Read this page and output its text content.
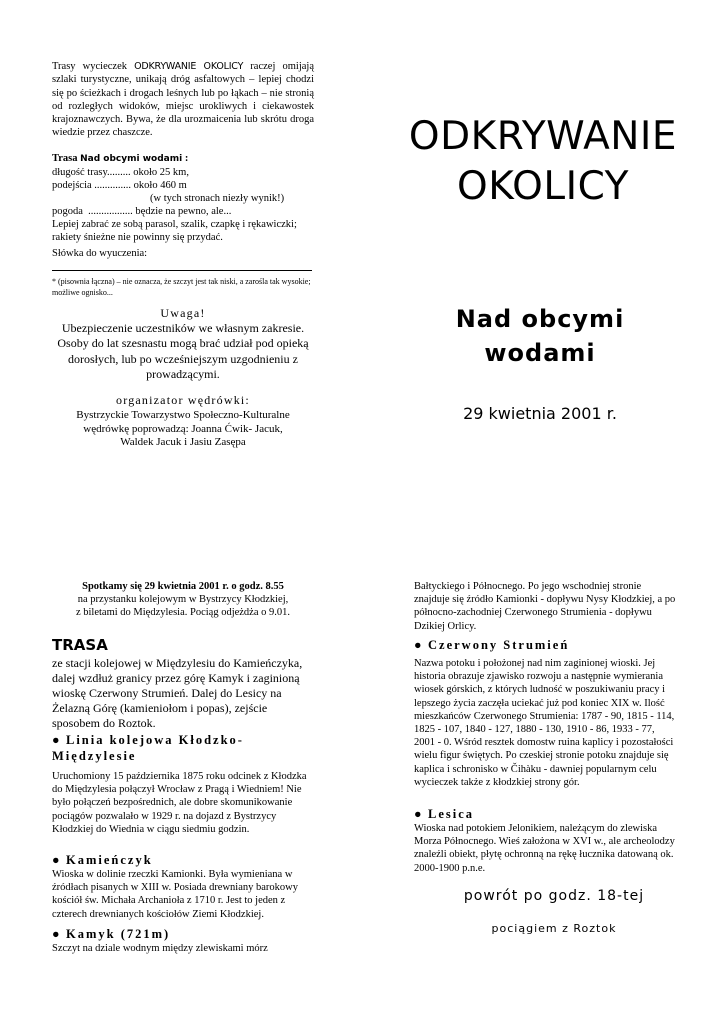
Trasy wycieczek ODKRYWANIE OKOLICY raczej omijają szlaki turystyczne, unikają dróg asfaltowych – lepiej chodzi się po ścieżkach i drogach leśnych lub po łąkach – nie stronią od rozległych widoków, miejsc urokliwych i ciekawostek krajoznawczych. Bywa, że dla urozmaicenia lub skrótu droga wiedzie przez chaszcze.

Trasa Nad obcymi wodami :

długość trasy......... około 25 km,

podejścia .............. około 460 m

(w tych stronach niezły wynik!)

pogoda  ................. będzie na pewno, ale...

Lepiej zabrać ze sobą parasol, szalik, czapkę i rękawiczki; rakiety śnieżne nie powinny się przydać.

Słówka do wyuczenia:

* (pisownia łączna) – nie oznacza, że szczyt jest tak niski, a zarośla tak wysokie; możliwe ognisko...

Uwaga!

Ubezpieczenie uczestników we własnym zakresie. Osoby do lat szesnastu mogą brać udział pod opieką dorosłych, lub po wcześniejszym uzgodnieniu z prowadzącymi.

organizator wędrówki:

Bystrzyckie Towarzystwo Społeczno-Kulturalne

wędrówkę poprowadzą: Joanna Ćwik- Jacuk,

Waldek Jacuk i Jasiu Zasępa

ODKRYWANIE
OKOLICY
Nad obcymi
wodami
29 kwietnia 2001 r.

Spotkamy się 29 kwietnia 2001 r. o godz. 8.55

na przystanku kolejowym w Bystrzycy Kłodzkiej,

z biletami do Międzylesia. Pociąg odjeżdża o 9.01.

TRASA
ze stacji kolejowej w Międzylesiu do Kamieńczyka, dalej wzdłuż granicy przez górę Kamyk i zaginioną wioskę Czerwony Strumień. Dalej do Lesicy na Żelazną Górę (kamieniołom i popas), zejście sposobem do Roztok.
● Linia kolejowa Kłodzko-Międzylesie

Uruchomiony 15 października 1875 roku odcinek z Kłodzka do Międzylesia połączył Wrocław z Pragą i Wiedniem! Nie było połączeń bezpośrednich, ale dobre skomunikowanie pociągów pozwalało w 1929 r. na dojazd z Bystrzycy Kłodzkiej do Wiednia w ciągu siedmiu godzin.

● Kamieńczyk

Wioska w dolinie rzeczki Kamionki. Była wymieniana w źródłach pisanych w XIII w. Posiada drewniany barokowy kościół św. Michała Archanioła z 1710 r. Jest to jeden z czterech drewnianych kościołów Ziemi Kłodzkiej.

● Kamyk (721m)

Szczyt na dziale wodnym między zlewiskami mórz

Bałtyckiego i Północnego. Po jego wschodniej stronie znajduje się źródło Kamionki - dopływu Nysy Kłodzkiej, a po północno-zachodniej Czerwonego Strumienia - dopływu Dzikiej Orlicy.
● Czerwony Strumień

Nazwa potoku i położonej nad nim zaginionej wioski. Jej historia obrazuje zjawisko rozwoju a następnie wymierania wiosek górskich, z których ludność w poszukiwaniu pracy i lepszego życia zaczęła uciekać już pod koniec XIX w. Ilość mieszkańców Czerwonego Strumienia: 1787 - 90, 1815 - 114, 1825 - 107, 1840 - 127, 1880 - 130, 1910 - 86, 1933 - 77, 2001 - 0. Wśród resztek domostw ruina kaplicy i pozostałości wielu figur świętych. Po czeskiej stronie potoku znajduje się kaplica i schronisko w Čihàku - dawniej popularnym celu wycieczek także z kłodzkiej strony gór.

● Lesica

Wioska nad potokiem Jelonikiem, należącym do zlewiska Morza Północnego. Wieś założona w XVI w., ale archeolodzy znaleźli obiekt, płytę ochronną na rękę łucznika datowaną ok. 2000-1900 p.n.e.

powrót po godz. 18-tej
pociągiem z Roztok
